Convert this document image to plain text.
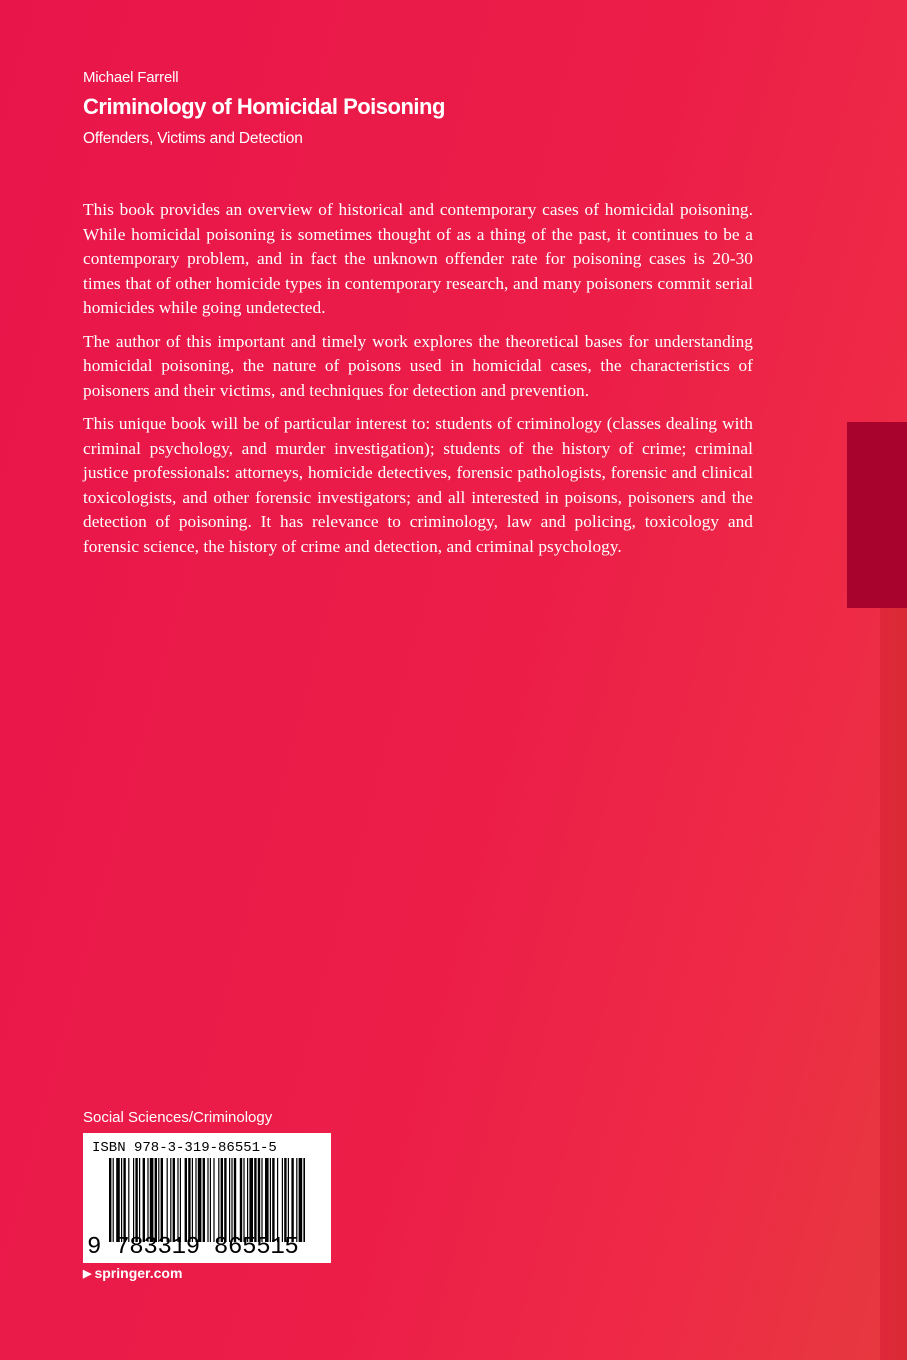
Michael Farrell
Criminology of Homicidal Poisoning
Offenders, Victims and Detection

This book provides an overview of historical and contemporary cases of homicidal poisoning. While homicidal poisoning is sometimes thought of as a thing of the past, it continues to be a contemporary problem, and in fact the unknown offender rate for poisoning cases is 20-30 times that of other homicide types in contemporary research, and many poisoners commit serial homicides while going undetected.

The author of this important and timely work explores the theoretical bases for understanding homicidal poisoning, the nature of poisons used in homicidal cases, the characteristics of poisoners and their victims, and techniques for detection and prevention.

This unique book will be of particular interest to: students of criminology (classes dealing with criminal psychology, and murder investigation); students of the history of crime; criminal justice professionals: attorneys, homicide detectives, forensic pathologists, forensic and clinical toxicologists, and other forensic investigators; and all interested in poisons, poisoners and the detection of poisoning. It has relevance to criminology, law and policing, toxicology and forensic science, the history of crime and detection, and criminal psychology.

Social Sciences/Criminology
ISBN 978-3-319-86551-5
9 783319 865515
▶ springer.com
